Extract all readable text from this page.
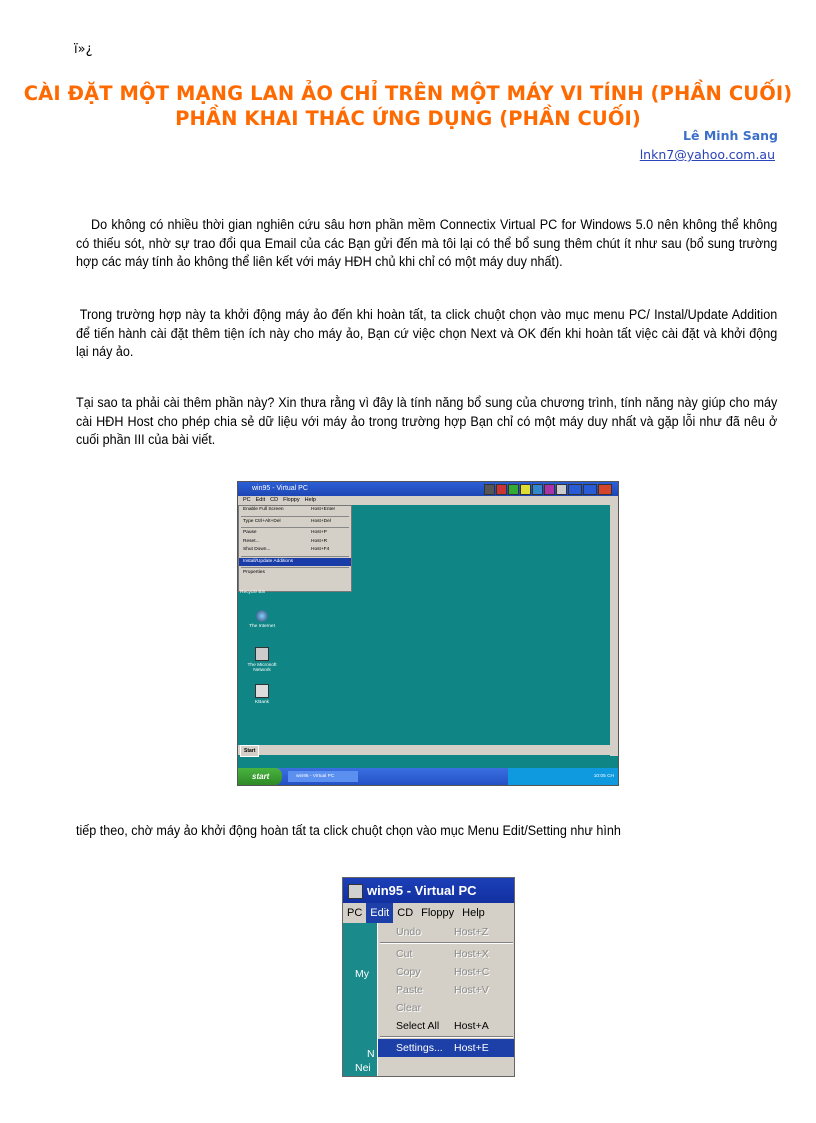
ï»¿
CÀI ĐẶT MỘT MẠNG LAN ẢO CHỈ TRÊN MỘT MÁY VI TÍNH (PHẦN CUỐI)
PHẦN KHAI THÁC ỨNG DỤNG (PHẦN CUỐI)
Lê Minh Sang
lnkn7@yahoo.com.au
Do không có nhiều thời gian nghiên cứu sâu hơn phần mềm Connectix Virtual PC for Windows 5.0 nên không thể không có thiếu sót, nhờ sự trao đổi qua Email của các Bạn gửi đến mà tôi lại có thể bổ sung thêm chút ít như sau (bổ sung trường hợp các máy tính ảo không thể liên kết với máy HĐH chủ khi chỉ có một máy duy nhất).
Trong trường hợp này ta khởi động máy ảo đến khi hoàn tất, ta click chuột chọn vào mục menu PC/ Instal/Update Addition để tiến hành cài đặt thêm tiện ích này cho máy ảo, Bạn cứ việc chọn Next và OK đến khi hoàn tất việc cài đặt và khởi động lại náy ảo.
Tại sao ta phải cài thêm phần này? Xin thưa rằng vì đây là tính năng bổ sung của chương trình, tính năng này giúp cho máy cài HĐH Host cho phép chia sẻ dữ liệu với máy ảo trong trường hợp Bạn chỉ có một máy duy nhất và gặp lỗi như đã nêu ở cuối phần III của bài viết.
win95 - Virtual PC
PC Edit CD Floppy Help
Enable Full Screen	Host+Enter
Type Ctrl+Alt+Del	Host+Del
Pause	Host+P
Reset...	Host+R
Shut Down...	Host+F4
Install/Update Additions
Properties
Recycle Bin
The Internet
The Microsoft Network
KBank
Start
start	win95 - Virtual PC	10:05 CH
tiếp theo, chờ máy ảo khởi động hoàn tất ta click chuột chọn vào mục Menu Edit/Setting như hình
win95 - Virtual PC
PC Edit CD Floppy Help
My
N
Nei
Undo	Host+Z
Cut	Host+X
Copy	Host+C
Paste	Host+V
Clear
Select All Host+A
Settings... Host+E
